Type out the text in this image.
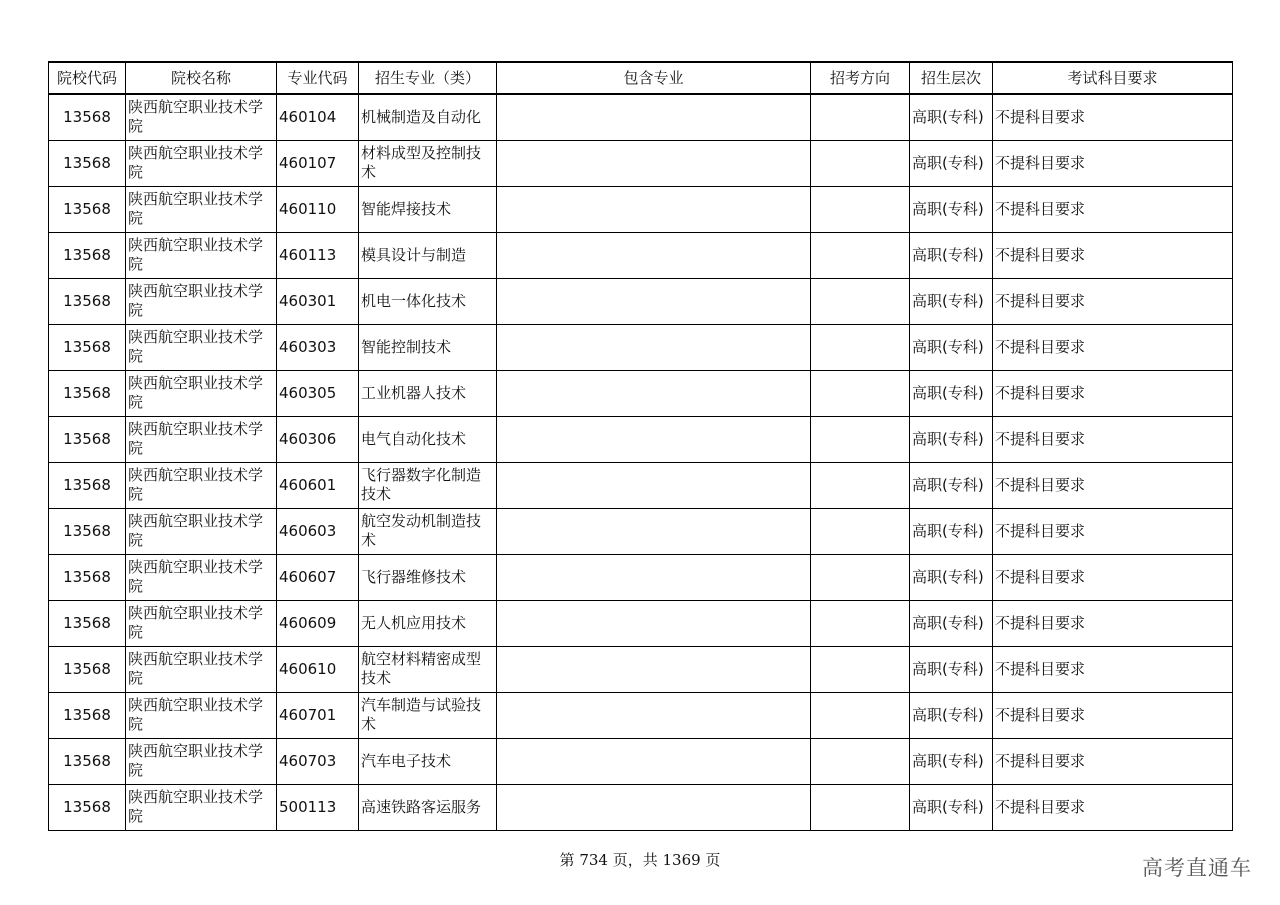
院校代码	院校名称	专业代码	招生专业（类）	包含专业	招考方向	招生层次	考试科目要求
13568	陕西航空职业技术学院	460104	机械制造及自动化			高职(专科)	不提科目要求
13568	陕西航空职业技术学院	460107	材料成型及控制技术			高职(专科)	不提科目要求
13568	陕西航空职业技术学院	460110	智能焊接技术			高职(专科)	不提科目要求
13568	陕西航空职业技术学院	460113	模具设计与制造			高职(专科)	不提科目要求
13568	陕西航空职业技术学院	460301	机电一体化技术			高职(专科)	不提科目要求
13568	陕西航空职业技术学院	460303	智能控制技术			高职(专科)	不提科目要求
13568	陕西航空职业技术学院	460305	工业机器人技术			高职(专科)	不提科目要求
13568	陕西航空职业技术学院	460306	电气自动化技术			高职(专科)	不提科目要求
13568	陕西航空职业技术学院	460601	飞行器数字化制造技术			高职(专科)	不提科目要求
13568	陕西航空职业技术学院	460603	航空发动机制造技术			高职(专科)	不提科目要求
13568	陕西航空职业技术学院	460607	飞行器维修技术			高职(专科)	不提科目要求
13568	陕西航空职业技术学院	460609	无人机应用技术			高职(专科)	不提科目要求
13568	陕西航空职业技术学院	460610	航空材料精密成型技术			高职(专科)	不提科目要求
13568	陕西航空职业技术学院	460701	汽车制造与试验技术			高职(专科)	不提科目要求
13568	陕西航空职业技术学院	460703	汽车电子技术			高职(专科)	不提科目要求
13568	陕西航空职业技术学院	500113	高速铁路客运服务			高职(专科)	不提科目要求
第 734 页，共 1369 页	高考直通车
